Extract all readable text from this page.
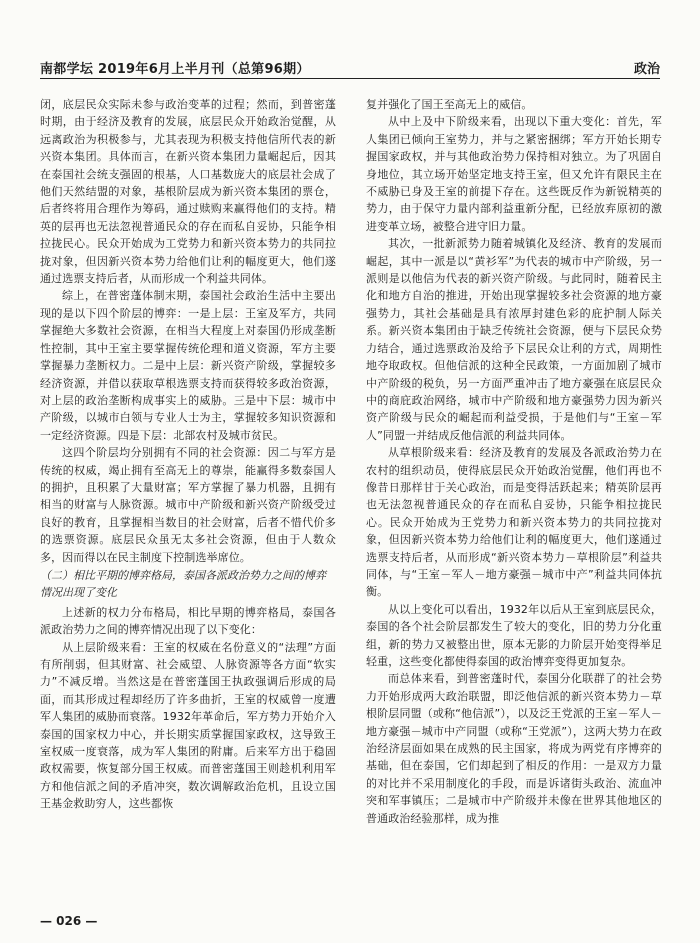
南都学坛 2019年6月上半月刊（总第96期）	政治

闭，底层民众实际未参与政治变革的过程；然而，到普密蓬时期，由于经济及教育的发展，底层民众开始政治觉醒，从远离政治为积极参与，尤其表现为积极支持他信所代表的新兴资本集团。具体而言，在新兴资本集团力量崛起后，因其在泰国社会统支强固的根基，人口基数庞大的底层社会成了他们天然结盟的对象，基根阶层成为新兴资本集团的票仓，后者终将用合理作为筹码，通过赎购来赢得他们的支持。精英的层再也无法忽视普通民众的存在而私自妥协，只能争相拉拢民心。民众开始成为工党势力和新兴资本势力的共同拉拢对象，但因新兴资本势力给他们让利的幅度更大，他们遂通过选票支持后者，从而形成一个利益共同体。

综上，在普密蓬体制末期，泰国社会政治生活中主要出现的是以下四个阶层的博弈：一是上层：王室及军方，共同掌握绝大多数社会资源，在相当大程度上对泰国仍形成垄断性控制，其中王室主要掌握传统伦理和道义资源，军方主要掌握暴力垄断权力。二是中上层：新兴资产阶级，掌握较多经济资源，并借以获取草根选票支持而获得较多政治资源，对上层的政治垄断构成事实上的威胁。三是中下层：城市中产阶级，以城市白领与专业人士为主，掌握较多知识资源和一定经济资源。四是下层：北部农村及城市贫民。

这四个阶层均分别拥有不同的社会资源：因二与军方是传统的权威，竭止拥有至高无上的尊崇，能赢得多数泰国人的拥护，且积累了大量财富；军方掌握了暴力机器，且拥有相当的财富与人脉资源。城市中产阶级和新兴资产阶级受过良好的教育，且掌握相当数目的社会财富，后者不惜代价多的选票资源。底层民众虽无太多社会资源，但由于人数众多，因而得以在民主制度下控制选举席位。

（二）相比平期的博弈格局，泰国各派政治势力之间的博弈情况出现了变化

上述新的权力分布格局，相比早期的博弈格局，泰国各派政治势力之间的博弈情况出现了以下变化：

从上层阶级来看：王室的权威在名份意义的“法理”方面有所削弱，但其财富、社会威望、人脉资源等各方面“软实力”不减反增。当然这是在普密蓬国王执政强调后形成的局面，而其形成过程却经历了许多曲折，王室的权威曾一度遭军人集团的威胁而衰落。1932年革命后，军方势力开始介入泰国的国家权力中心，并长期实质掌握国家政权，这导致王室权威一度衰落，成为军人集团的附庸。后来军方出于稳固政权需要，恢复部分国王权威。而普密蓬国王则趁机利用军方和他信派之间的矛盾冲突，数次调解政治危机，且设立国王基金救助穷人，这些都恢

复并强化了国王至高无上的威信。

从中上及中下阶级来看，出现以下重大变化：首先，军人集团已倾向王室势力，并与之紧密捆绑；军方开始长期专握国家政权，并与其他政治势力保持相对独立。为了巩固自身地位，其立场开始坚定地支持王室，但又允许有限民主在不威胁已身及王室的前提下存在。这些既反作为新锐精英的势力，由于保守力量内部利益重新分配，已经放弃原初的激进变革立场，被整合进守旧力量。

其次，一批新派势力随着城镇化及经济、教育的发展而崛起，其中一派是以“黄衫军”为代表的城市中产阶级，另一派则是以他信为代表的新兴资产阶级。与此同时，随着民主化和地方自治的推进，开始出现掌握较多社会资源的地方豪强势力，其社会基础是具有浓厚封建色彩的庇护制人际关系。新兴资本集团由于缺乏传统社会资源，便与下层民众势力结合，通过选票政治及给予下层民众让利的方式，周期性地夺取政权。但他信派的这种全民政策，一方面加剧了城市中产阶级的税负，另一方面严重冲击了地方豪强在底层民众中的商庇政治网络，城市中产阶级和地方豪强势力因为新兴资产阶级与民众的崛起而利益受损，于是他们与“王室－军人”同盟一并结成反他信派的利益共同体。

从草根阶级来看：经济及教育的发展及各派政治势力在农村的组织动员，使得底层民众开始政治觉醒，他们再也不像昔日那样甘于关心政治，而是变得活跃起来；精英阶层再也无法忽视普通民众的存在而私自妥协，只能争相拉拢民心。民众开始成为王党势力和新兴资本势力的共同拉拢对象，但因新兴资本势力给他们让利的幅度更大，他们遂通过选票支持后者，从而形成“新兴资本势力－草根阶层”利益共同体，与“王室－军人－地方豪强－城市中产”利益共同体抗衡。

从以上变化可以看出，1932年以后从王室到底层民众，泰国的各个社会阶层都发生了较大的变化，旧的势力分化重组，新的势力又被整出世，原本无影的力阶层开始变得举足轻重，这些变化都使得泰国的政治博弈变得更加复杂。

而总体来看，到普密蓬时代，泰国分化联群了的社会势力开始形成两大政治联盟，即泛他信派的新兴资本势力－草根阶层同盟（或称“他信派”），以及泛王党派的王室－军人－地方豪强－城市中产同盟（或称“王党派”），这两大势力在政治经济层面如果在成熟的民主国家，将成为两党有序博弈的基础，但在泰国，它们却起到了相反的作用：一是双方力量的对比并不采用制度化的手段，而是诉诸街头政治、流血冲突和军事镇压；二是城市中产阶级并未像在世界其他地区的普通政治经验那样，成为推

— 026 —
